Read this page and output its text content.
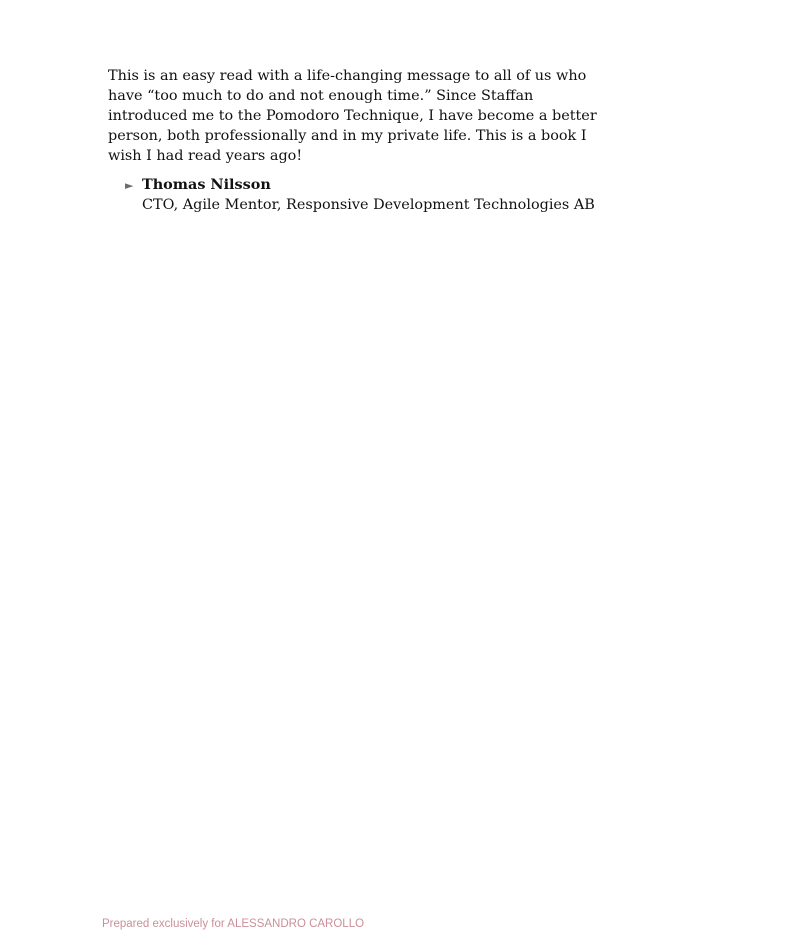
This is an easy read with a life-changing message to all of us who have “too much to do and not enough time.” Since Staffan introduced me to the Pomodoro Technique, I have become a better person, both professionally and in my private life. This is a book I wish I had read years ago!

► Thomas Nilsson
CTO, Agile Mentor, Responsive Development Technologies AB
Prepared exclusively for ALESSANDRO CAROLLO
